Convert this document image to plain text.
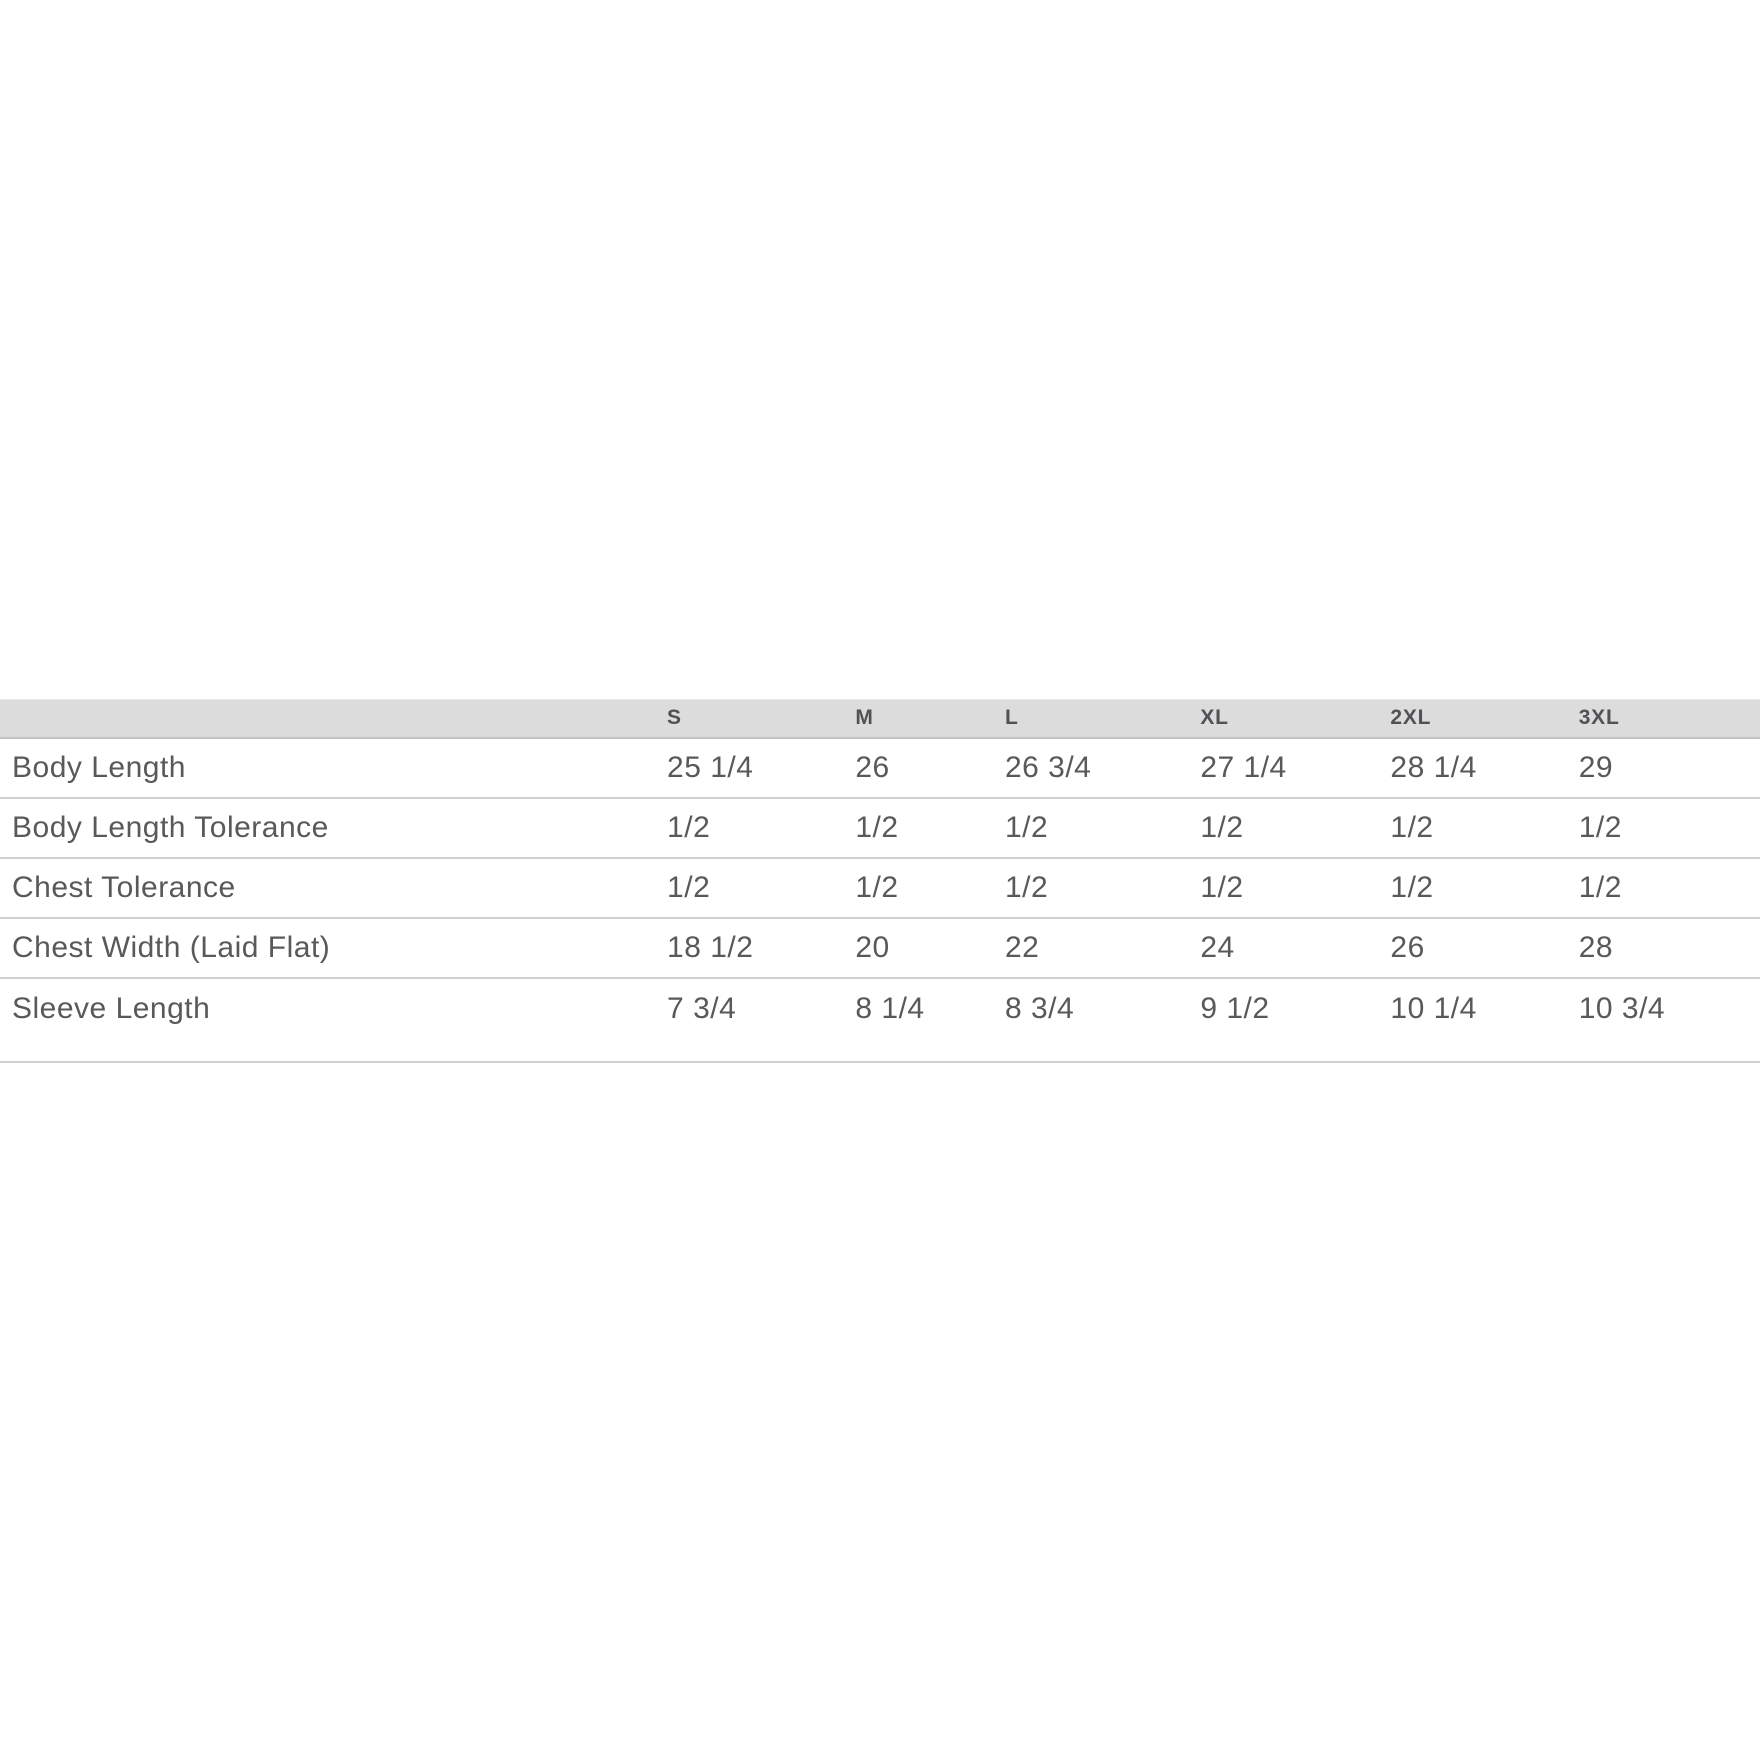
	S	M	L	XL	2XL	3XL
Body Length	25 1/4	26	26 3/4	27 1/4	28 1/4	29
Body Length Tolerance	1/2	1/2	1/2	1/2	1/2	1/2
Chest Tolerance	1/2	1/2	1/2	1/2	1/2	1/2
Chest Width (Laid Flat)	18 1/2	20	22	24	26	28
Sleeve Length	7 3/4	8 1/4	8 3/4	9 1/2	10 1/4	10 3/4
